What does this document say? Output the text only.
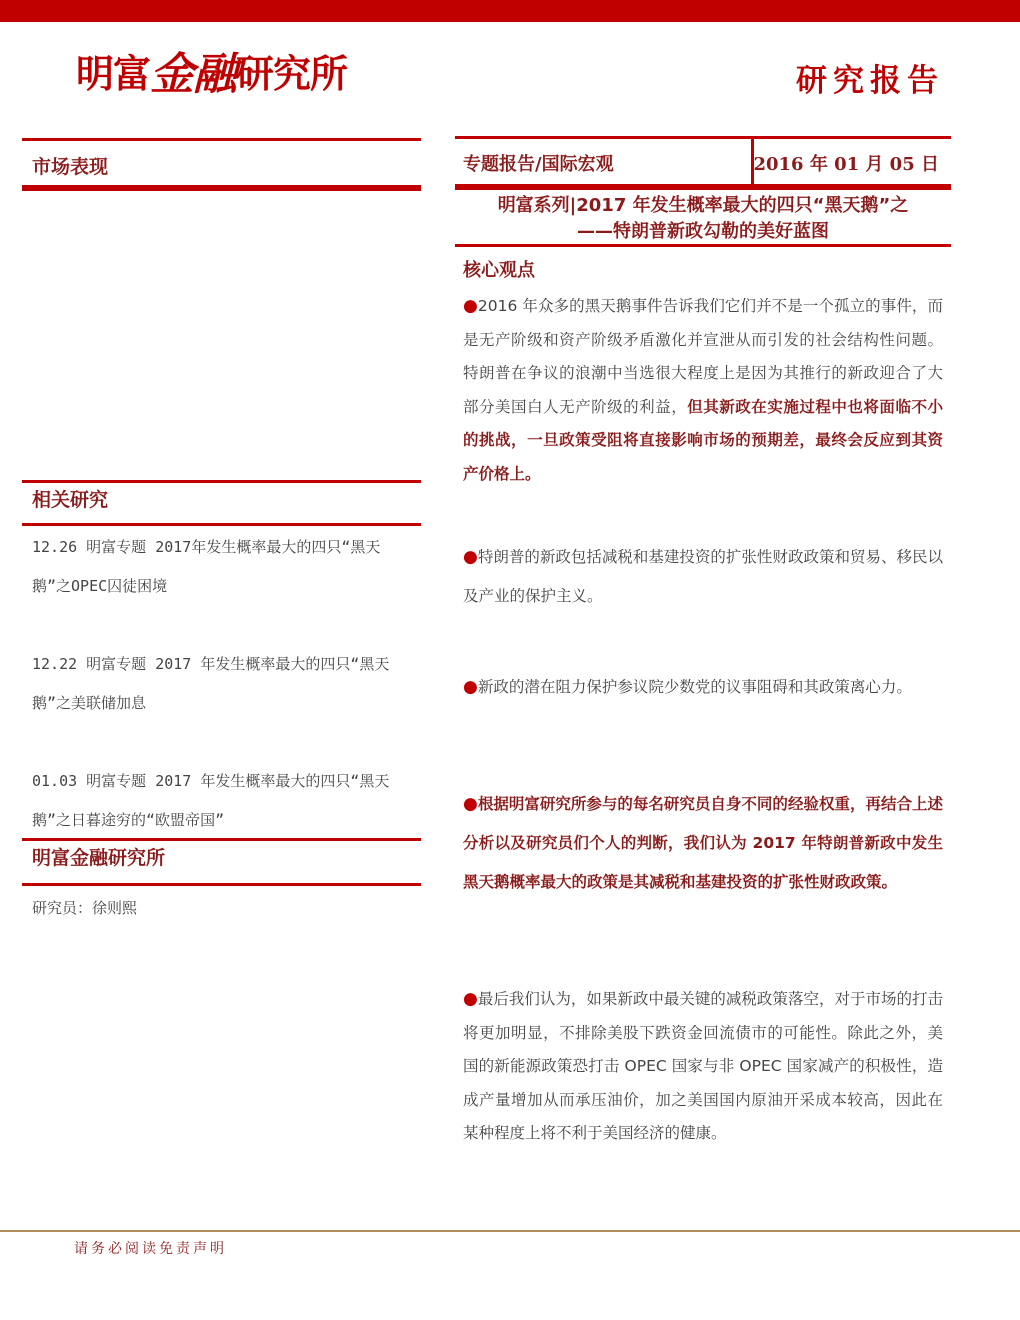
明富 金融 研究所	研究报告
市场表现
相关研究
12.26 明富专题 2017年发生概率最大的四只“黑天鹅”之OPEC囚徒困境
12.22 明富专题 2017 年发生概率最大的四只“黑天鹅”之美联储加息
01.03 明富专题 2017 年发生概率最大的四只“黑天鹅”之日暮途穷的“欧盟帝国”
明富金融研究所
研究员：徐则熙
专题报告/国际宏观	2016 年 01 月 05 日
明富系列|2017 年发生概率最大的四只“黑天鹅”之
——特朗普新政勾勒的美好蓝图
核心观点
●2016 年众多的黑天鹅事件告诉我们它们并不是一个孤立的事件，而是无产阶级和资产阶级矛盾激化并宣泄从而引发的社会结构性问题。特朗普在争议的浪潮中当选很大程度上是因为其推行的新政迎合了大部分美国白人无产阶级的利益，但其新政在实施过程中也将面临不小的挑战，一旦政策受阻将直接影响市场的预期差，最终会反应到其资产价格上。
●特朗普的新政包括减税和基建投资的扩张性财政政策和贸易、移民以及产业的保护主义。
●新政的潜在阻力保护参议院少数党的议事阻碍和其政策离心力。
●根据明富研究所参与的每名研究员自身不同的经验权重，再结合上述分析以及研究员们个人的判断，我们认为 2017 年特朗普新政中发生黑天鹅概率最大的政策是其减税和基建投资的扩张性财政政策。
●最后我们认为，如果新政中最关键的减税政策落空，对于市场的打击将更加明显，不排除美股下跌资金回流债市的可能性。除此之外，美国的新能源政策恐打击 OPEC 国家与非 OPEC 国家减产的积极性，造成产量增加从而承压油价，加之美国国内原油开采成本较高，因此在某种程度上将不利于美国经济的健康。
请务必阅读免责声明
